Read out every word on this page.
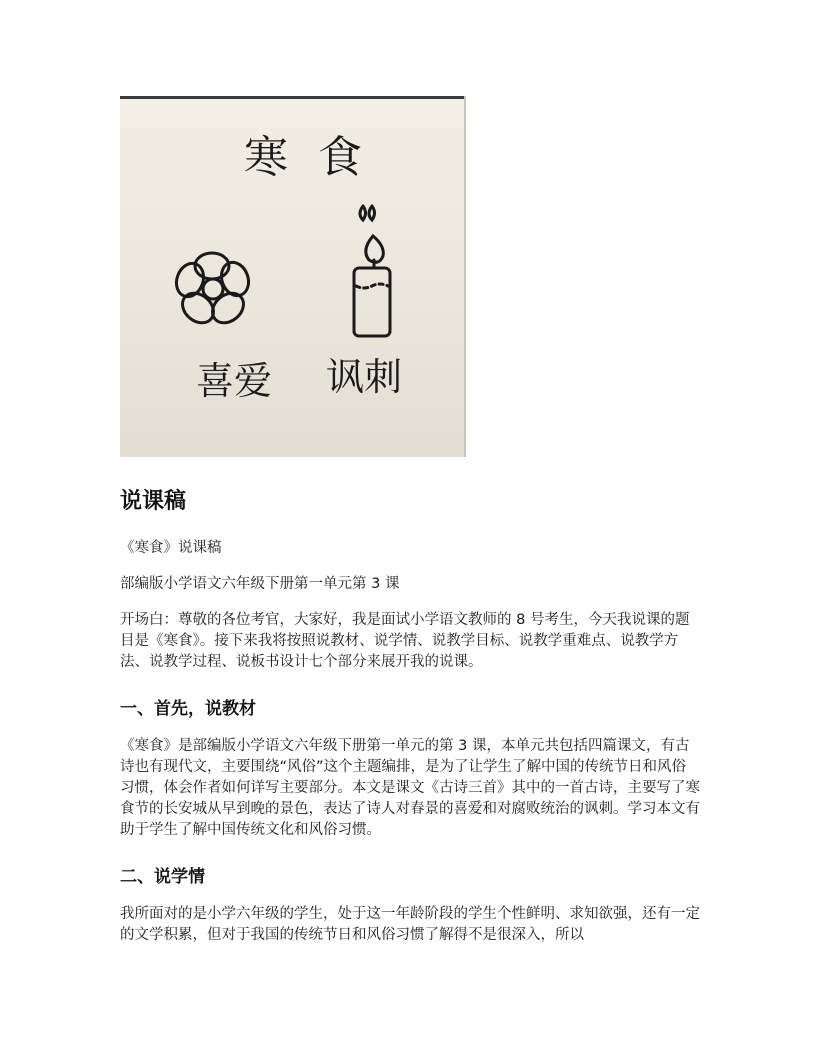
寒食
喜爱 讽刺
说课稿

《寒食》说课稿

部编版小学语文六年级下册第一单元第 3 课

开场白：尊敬的各位考官，大家好，我是面试小学语文教师的 8 号考生，今天我说课的题目是《寒食》。接下来我将按照说教材、说学情、说教学目标、说教学重难点、说教学方法、说教学过程、说板书设计七个部分来展开我的说课。

一、首先，说教材

《寒食》是部编版小学语文六年级下册第一单元的第 3 课，本单元共包括四篇课文，有古诗也有现代文，主要围绕“风俗”这个主题编排，是为了让学生了解中国的传统节日和风俗习惯，体会作者如何详写主要部分。本文是课文《古诗三首》其中的一首古诗，主要写了寒食节的长安城从早到晚的景色，表达了诗人对春景的喜爱和对腐败统治的讽刺。学习本文有助于学生了解中国传统文化和风俗习惯。

二、说学情

我所面对的是小学六年级的学生，处于这一年龄阶段的学生个性鲜明、求知欲强，还有一定的文学积累，但对于我国的传统节日和风俗习惯了解得不是很深入，所以
